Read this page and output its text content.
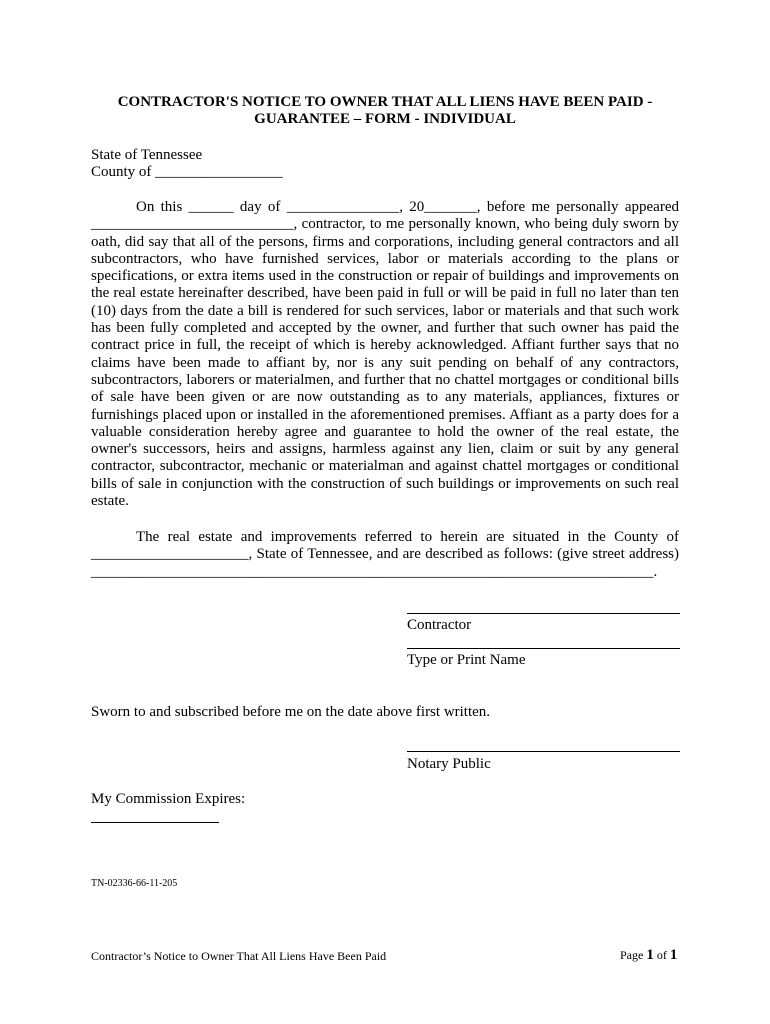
CONTRACTOR'S NOTICE TO OWNER THAT ALL LIENS HAVE BEEN PAID -
GUARANTEE – FORM - INDIVIDUAL
State of Tennessee
County of _________________
On this ______ day of _______________, 20_______, before me personally appeared ___________________________, contractor, to me personally known, who being duly sworn by oath, did say that all of the persons, firms and corporations, including general contractors and all subcontractors, who have furnished services, labor or materials according to the plans or specifications, or extra items used in the construction or repair of buildings and improvements on the real estate hereinafter described, have been paid in full or will be paid in full no later than ten (10) days from the date a bill is rendered for such services, labor or materials and that such work has been fully completed and accepted by the owner, and further that such owner has paid the contract price in full, the receipt of which is hereby acknowledged. Affiant further says that no claims have been made to affiant by, nor is any suit pending on behalf of any contractors, subcontractors, laborers or materialmen, and further that no chattel mortgages or conditional bills of sale have been given or are now outstanding as to any materials, appliances, fixtures or furnishings placed upon or installed in the aforementioned premises. Affiant as a party does for a valuable consideration hereby agree and guarantee to hold the owner of the real estate, the owner's successors, heirs and assigns, harmless against any lien, claim or suit by any general contractor, subcontractor, mechanic or materialman and against chattel mortgages or conditional bills of sale in conjunction with the construction of such buildings or improvements on such real estate.
The real estate and improvements referred to herein are situated in the County of _____________________, State of Tennessee, and are described as follows: (give street address) ___________________________________________________________________________.
Contractor
Type or Print Name
Sworn to and subscribed before me on the date above first written.
Notary Public
My Commission Expires:
TN-02336-66-11-205
Contractor’s Notice to Owner That All Liens Have Been Paid	Page 1 of 1
